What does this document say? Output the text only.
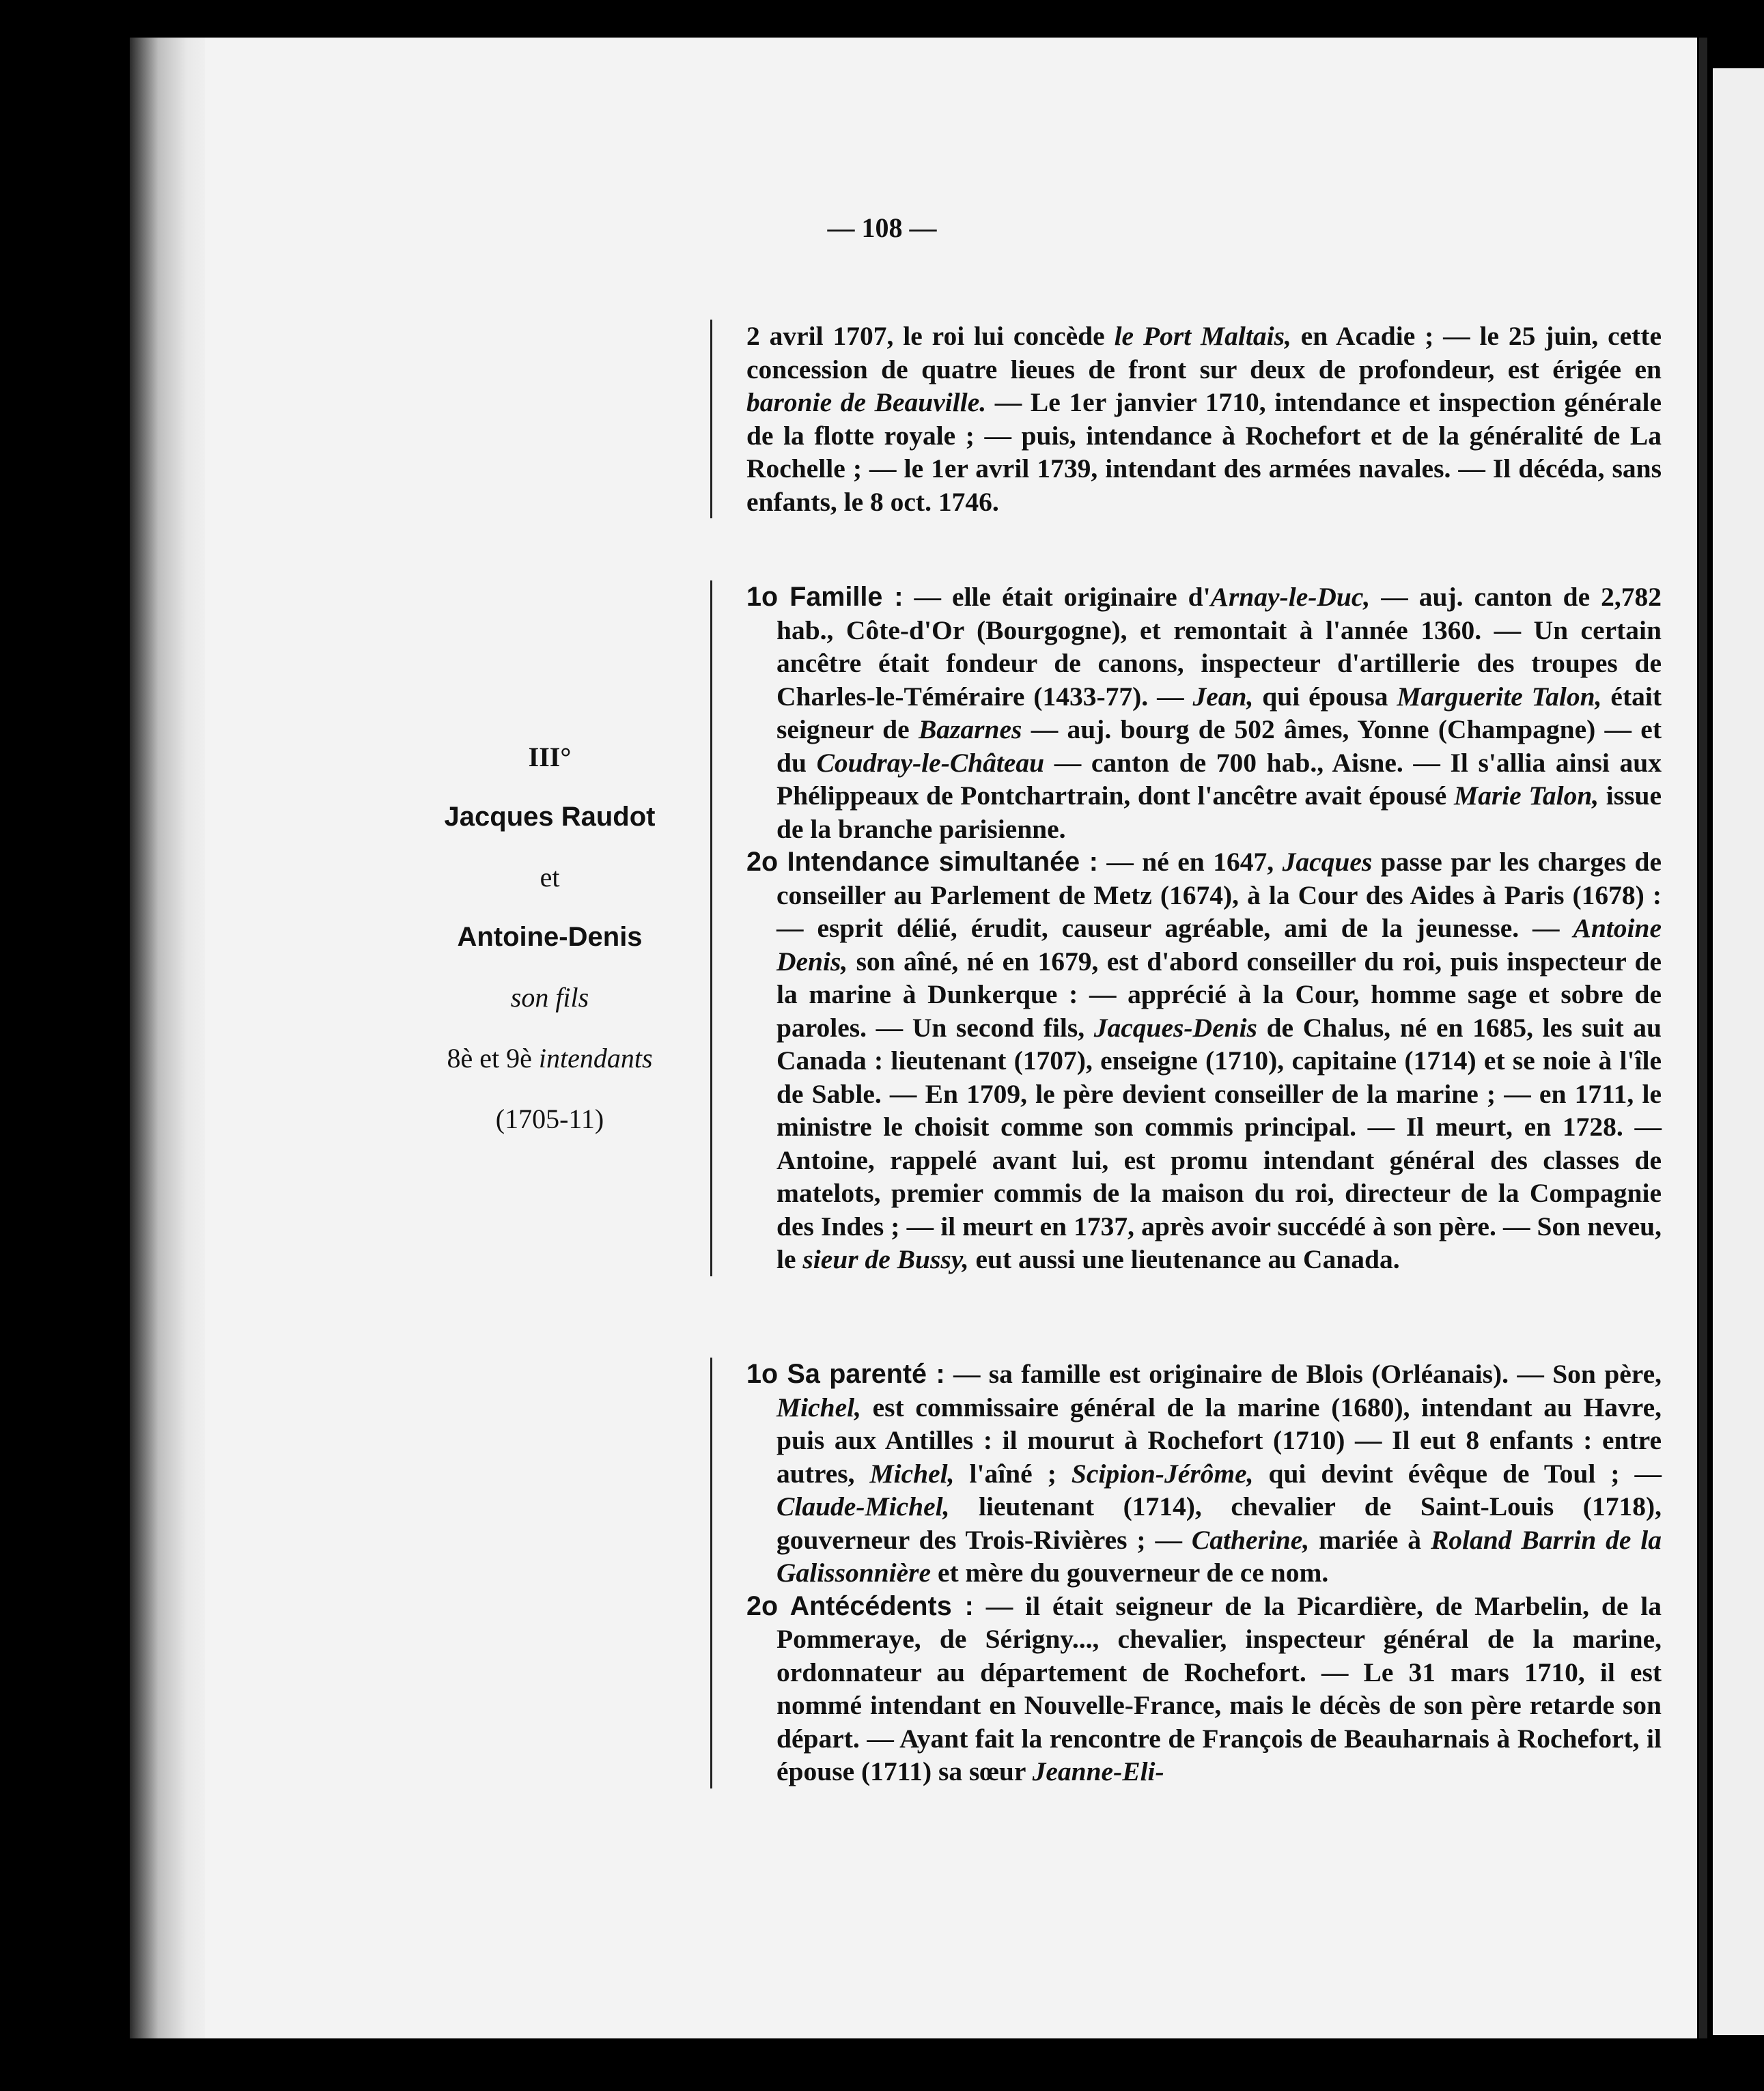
— 108 —
III°
Jacques Raudot
et
Antoine-Denis
son fils
8è et 9è intendants
(1705-11)

2 avril 1707, le roi lui concède le Port Maltais, en Acadie ; — le 25 juin, cette concession de quatre lieues de front sur deux de profondeur, est érigée en baronie de Beauville. — Le 1er janvier 1710, intendance et inspection générale de la flotte royale ; — puis, intendance à Rochefort et de la généralité de La Rochelle ; — le 1er avril 1739, intendant des armées navales. — Il décéda, sans enfants, le 8 oct. 1746.

1o Famille : — elle était originaire d'Arnay-le-Duc, — auj. canton de 2,782 hab., Côte-d'Or (Bourgogne), et remontait à l'année 1360. — Un certain ancêtre était fondeur de canons, inspecteur d'artillerie des troupes de Charles-le-Téméraire (1433-77). — Jean, qui épousa Marguerite Talon, était seigneur de Bazarnes — auj. bourg de 502 âmes, Yonne (Champagne) — et du Coudray-le-Château — canton de 700 hab., Aisne. — Il s'allia ainsi aux Phélippeaux de Pontchartrain, dont l'ancêtre avait épousé Marie Talon, issue de la branche parisienne.

2o Intendance simultanée : — né en 1647, Jacques passe par les charges de conseiller au Parlement de Metz (1674), à la Cour des Aides à Paris (1678) : — esprit délié, érudit, causeur agréable, ami de la jeunesse. — Antoine Denis, son aîné, né en 1679, est d'abord conseiller du roi, puis inspecteur de la marine à Dunkerque : — apprécié à la Cour, homme sage et sobre de paroles. — Un second fils, Jacques-Denis de Chalus, né en 1685, les suit au Canada : lieutenant (1707), enseigne (1710), capitaine (1714) et se noie à l'île de Sable. — En 1709, le père devient conseiller de la marine ; — en 1711, le ministre le choisit comme son commis principal. — Il meurt, en 1728. — Antoine, rappelé avant lui, est promu intendant général des classes de matelots, premier commis de la maison du roi, directeur de la Compagnie des Indes ; — il meurt en 1737, après avoir succédé à son père. — Son neveu, le sieur de Bussy, eut aussi une lieutenance au Canada.

1o Sa parenté : — sa famille est originaire de Blois (Orléanais). — Son père, Michel, est commissaire général de la marine (1680), intendant au Havre, puis aux Antilles : il mourut à Rochefort (1710) — Il eut 8 enfants : entre autres, Michel, l'aîné ; Scipion-Jérôme, qui devint évêque de Toul ; — Claude-Michel, lieutenant (1714), chevalier de Saint-Louis (1718), gouverneur des Trois-Rivières ; — Catherine, mariée à Roland Barrin de la Galissonnière et mère du gouverneur de ce nom.

2o Antécédents : — il était seigneur de la Picardière, de Marbelin, de la Pommeraye, de Sérigny..., chevalier, inspecteur général de la marine, ordonnateur au département de Rochefort. — Le 31 mars 1710, il est nommé intendant en Nouvelle-France, mais le décès de son père retarde son départ. — Ayant fait la rencontre de François de Beauharnais à Rochefort, il épouse (1711) sa sœur Jeanne-Eli-
